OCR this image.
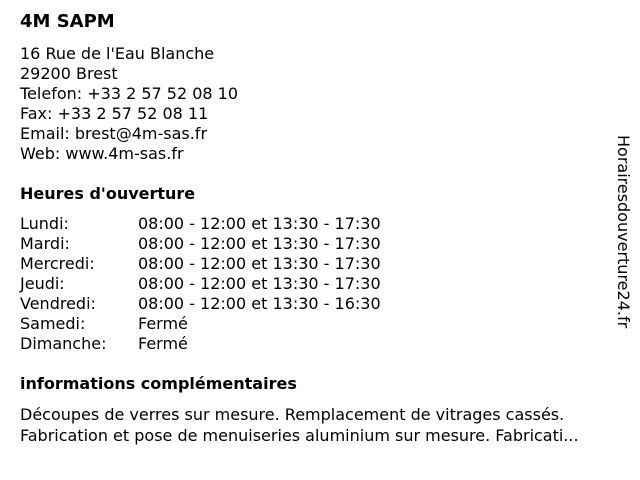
4M SAPM
16 Rue de l'Eau Blanche
29200 Brest
Telefon: +33 2 57 52 08 10
Fax: +33 2 57 52 08 11
Email: brest@4m-sas.fr
Web: www.4m-sas.fr
Heures d'ouverture
Lundi:	08:00 - 12:00 et 13:30 - 17:30
Mardi:	08:00 - 12:00 et 13:30 - 17:30
Mercredi:	08:00 - 12:00 et 13:30 - 17:30
Jeudi:	08:00 - 12:00 et 13:30 - 17:30
Vendredi:	08:00 - 12:00 et 13:30 - 16:30
Samedi:	Fermé
Dimanche: Fermé
informations complémentaires
Découpes de verres sur mesure. Remplacement de vitrages cassés.
Fabrication et pose de menuiseries aluminium sur mesure. Fabricati...
Horairesdouverture24.fr
